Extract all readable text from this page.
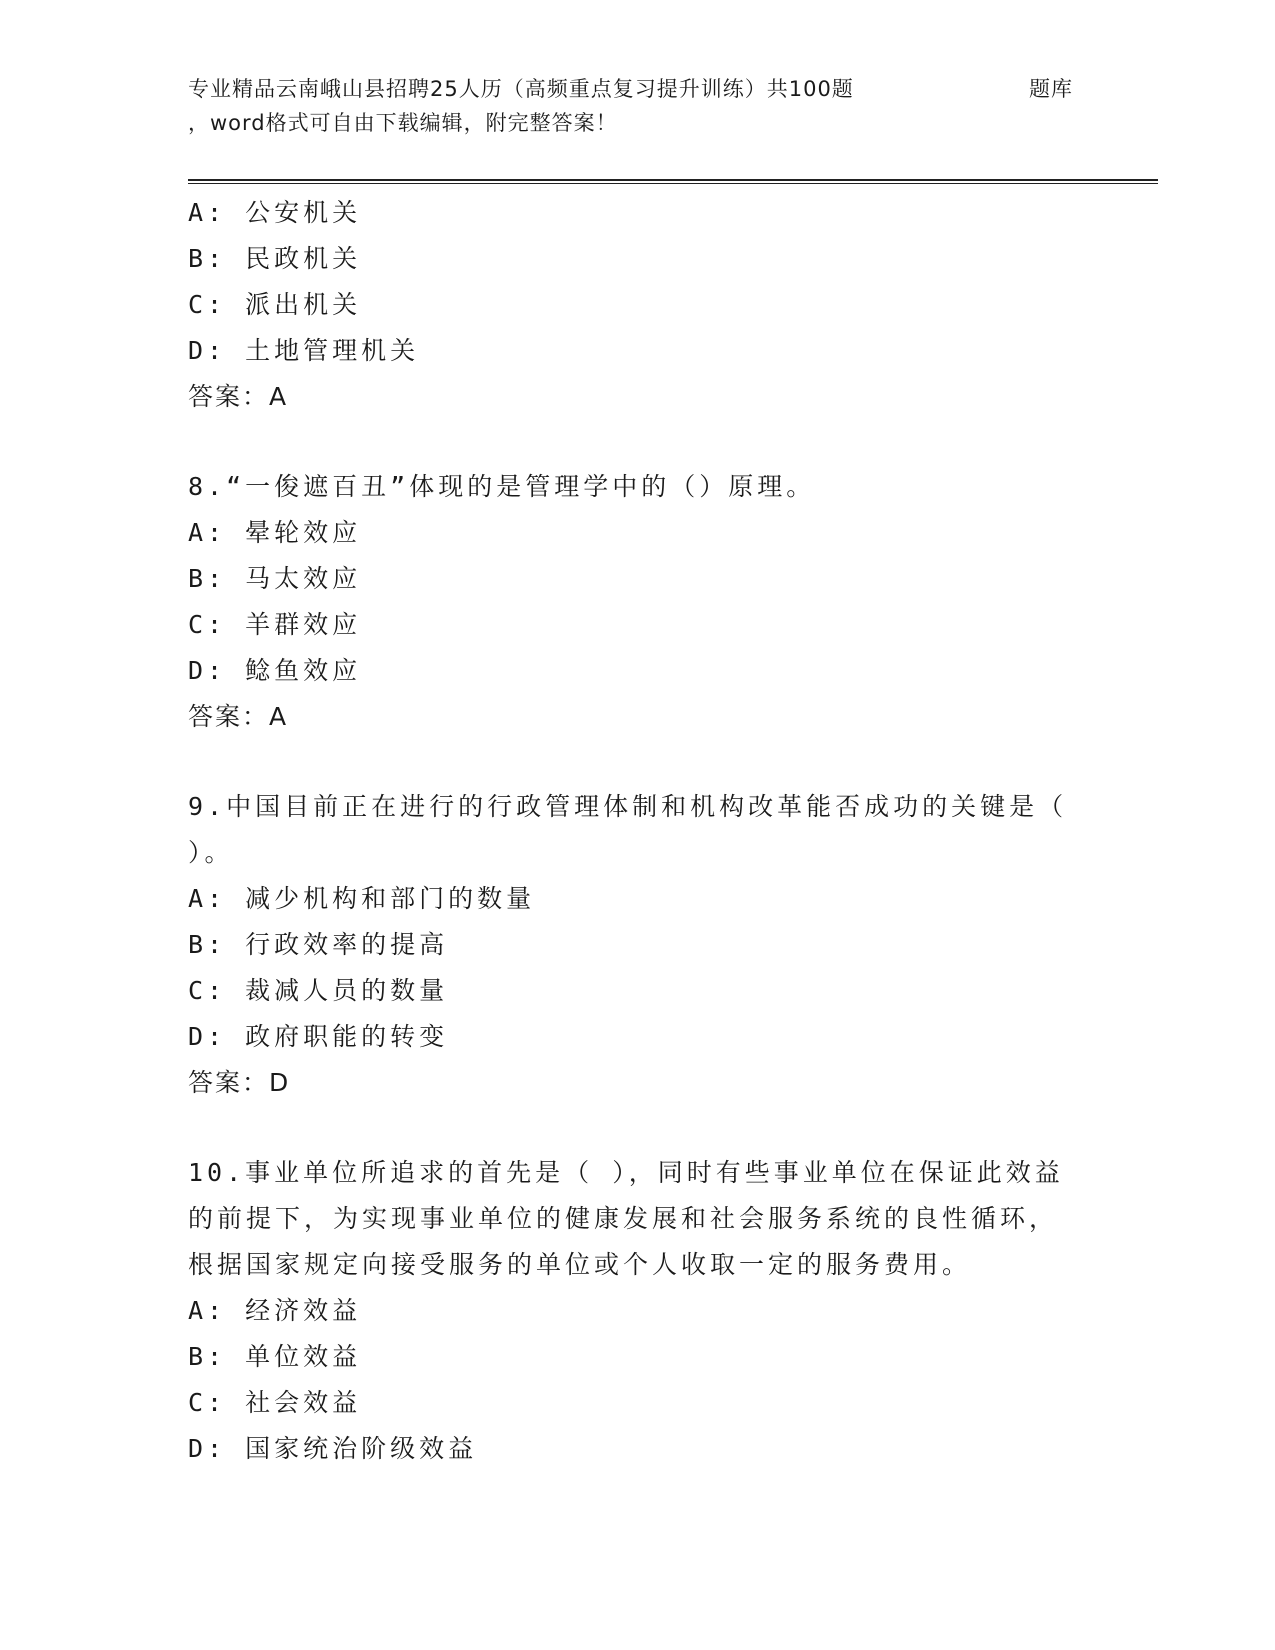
专业精品云南峨山县招聘25人历（高频重点复习提升训练）共100题	题库
，word格式可自由下载编辑，附完整答案！
A: 公安机关
B: 民政机关
C: 派出机关
D: 土地管理机关
答案：A
8.“一俊遮百丑”体现的是管理学中的（）原理。
A: 晕轮效应
B: 马太效应
C: 羊群效应
D: 鲶鱼效应
答案：A
9.中国目前正在进行的行政管理体制和机构改革能否成功的关键是（
）。
A: 减少机构和部门的数量
B: 行政效率的提高
C: 裁减人员的数量
D: 政府职能的转变
答案：D
10.事业单位所追求的首先是（ ），同时有些事业单位在保证此效益
的前提下，为实现事业单位的健康发展和社会服务系统的良性循环，
根据国家规定向接受服务的单位或个人收取一定的服务费用。
A: 经济效益
B: 单位效益
C: 社会效益
D: 国家统治阶级效益
